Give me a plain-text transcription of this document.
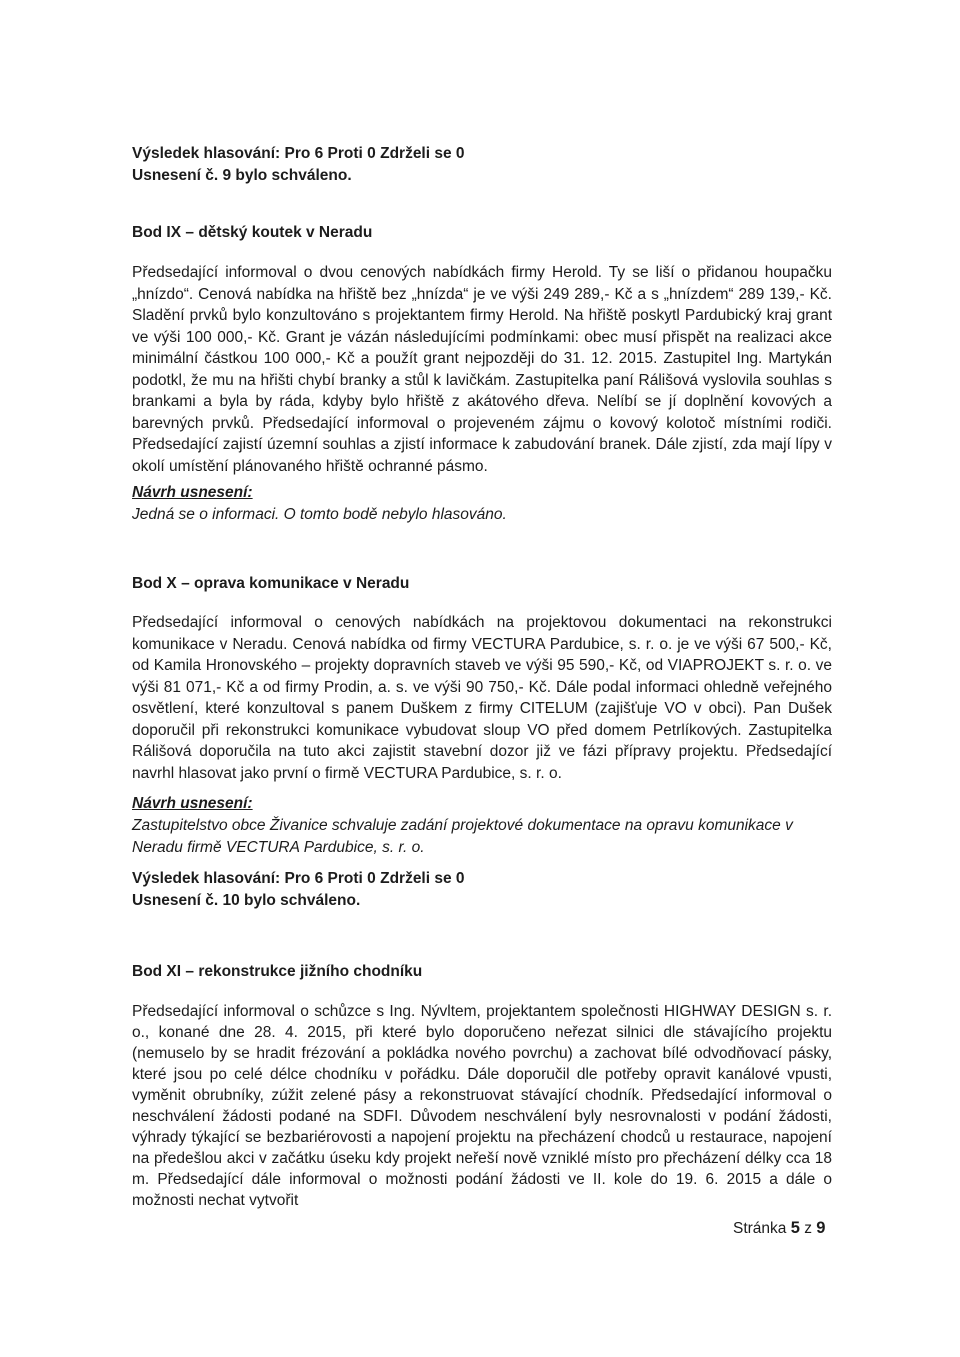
Výsledek hlasování: Pro 6 Proti 0 Zdrželi se 0

Usnesení č. 9 bylo schváleno.

Bod IX – dětský koutek v Neradu

Předsedající informoval o dvou cenových nabídkách firmy Herold. Ty se liší o přidanou houpačku „hnízdo“. Cenová nabídka na hřiště bez „hnízda“ je ve výši 249 289,- Kč a s „hnízdem“ 289 139,- Kč. Sladění prvků bylo konzultováno s projektantem firmy Herold. Na hřiště poskytl Pardubický kraj grant ve výši 100 000,- Kč. Grant je vázán následujícími podmínkami: obec musí přispět na realizaci akce minimální částkou 100 000,- Kč a použít grant nejpozději do 31. 12. 2015. Zastupitel Ing. Martykán podotkl, že mu na hřišti chybí branky a stůl k lavičkám. Zastupitelka paní Rálišová vyslovila souhlas s brankami a byla by ráda, kdyby bylo hřiště z akátového dřeva. Nelíbí se jí doplnění kovových a barevných prvků. Předsedající informoval o projeveném zájmu o kovový kolotoč místními rodiči. Předsedající zajistí územní souhlas a zjistí informace k zabudování branek. Dále zjistí, zda mají lípy v okolí umístění plánovaného hřiště ochranné pásmo.

Návrh usnesení:

Jedná se o informaci. O tomto bodě nebylo hlasováno.

Bod X – oprava komunikace v Neradu

Předsedající informoval o cenových nabídkách na projektovou dokumentaci na rekonstrukci komunikace v Neradu. Cenová nabídka od firmy VECTURA Pardubice, s. r. o. je ve výši 67 500,- Kč, od Kamila Hronovského – projekty dopravních staveb ve výši 95 590,- Kč, od VIAPROJEKT s. r. o. ve výši 81 071,- Kč a od firmy Prodin, a. s. ve výši 90 750,- Kč. Dále podal informaci ohledně veřejného osvětlení, které konzultoval s panem Duškem z firmy CITELUM (zajišťuje VO v obci). Pan Dušek doporučil při rekonstrukci komunikace vybudovat sloup VO před domem Petrlíkových. Zastupitelka Rálišová doporučila na tuto akci zajistit stavební dozor již ve fázi přípravy projektu. Předsedající navrhl hlasovat jako první o firmě VECTURA Pardubice, s. r. o.

Návrh usnesení:

Zastupitelstvo obce Živanice schvaluje zadání projektové dokumentace na opravu komunikace v Neradu firmě VECTURA Pardubice, s. r. o.

Výsledek hlasování: Pro 6 Proti 0 Zdrželi se 0

Usnesení č. 10 bylo schváleno.

Bod XI – rekonstrukce jižního chodníku

Předsedající informoval o schůzce s Ing. Nývltem, projektantem společnosti HIGHWAY DESIGN s. r. o., konané dne 28. 4. 2015, při které bylo doporučeno neřezat silnici dle stávajícího projektu (nemuselo by se hradit frézování a pokládka nového povrchu) a zachovat bílé odvodňovací pásky, které jsou po celé délce chodníku v pořádku. Dále doporučil dle potřeby opravit kanálové vpusti, vyměnit obrubníky, zúžit zelené pásy a rekonstruovat stávající chodník. Předsedající informoval o neschválení žádosti podané na SDFI. Důvodem neschválení byly nesrovnalosti v podání žádosti, výhrady týkající se bezbariérovosti a napojení projektu na přecházení chodců u restaurace, napojení na předešlou akci v začátku úseku kdy projekt neřeší nově vzniklé místo pro přecházení délky cca 18 m. Předsedající dále informoval o možnosti podání žádosti ve II. kole do 19. 6. 2015 a dále o možnosti nechat vytvořit

Stránka 5 z 9
